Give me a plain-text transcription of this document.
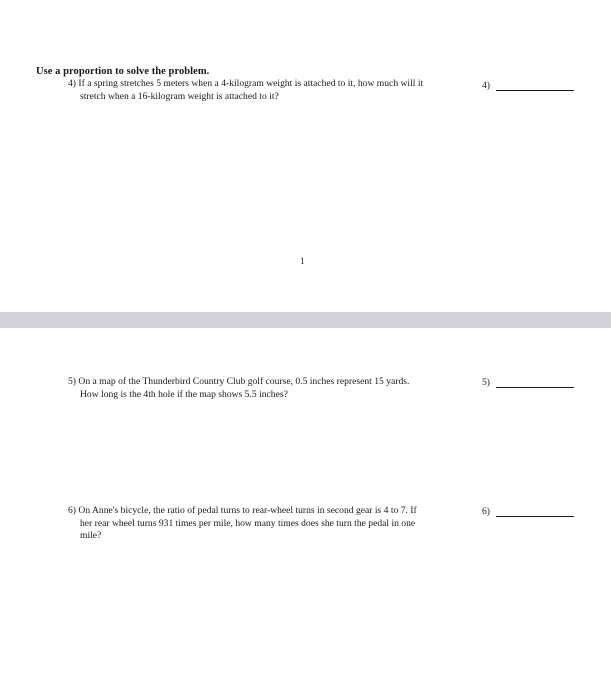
Use a proportion to solve the problem.
4) If a spring stretches 5 meters when a 4-kilogram weight is attached to it, how much will it
stretch when a 16-kilogram weight is attached to it?
4)
1
5) On a map of the Thunderbird Country Club golf course, 0.5 inches represent 15 yards.
How long is the 4th hole if the map shows 5.5 inches?
5)
6) On Anne's bicycle, the ratio of pedal turns to rear-wheel turns in second gear is 4 to 7. If
her rear wheel turns 931 times per mile, how many times does she turn the pedal in one
mile?
6)
